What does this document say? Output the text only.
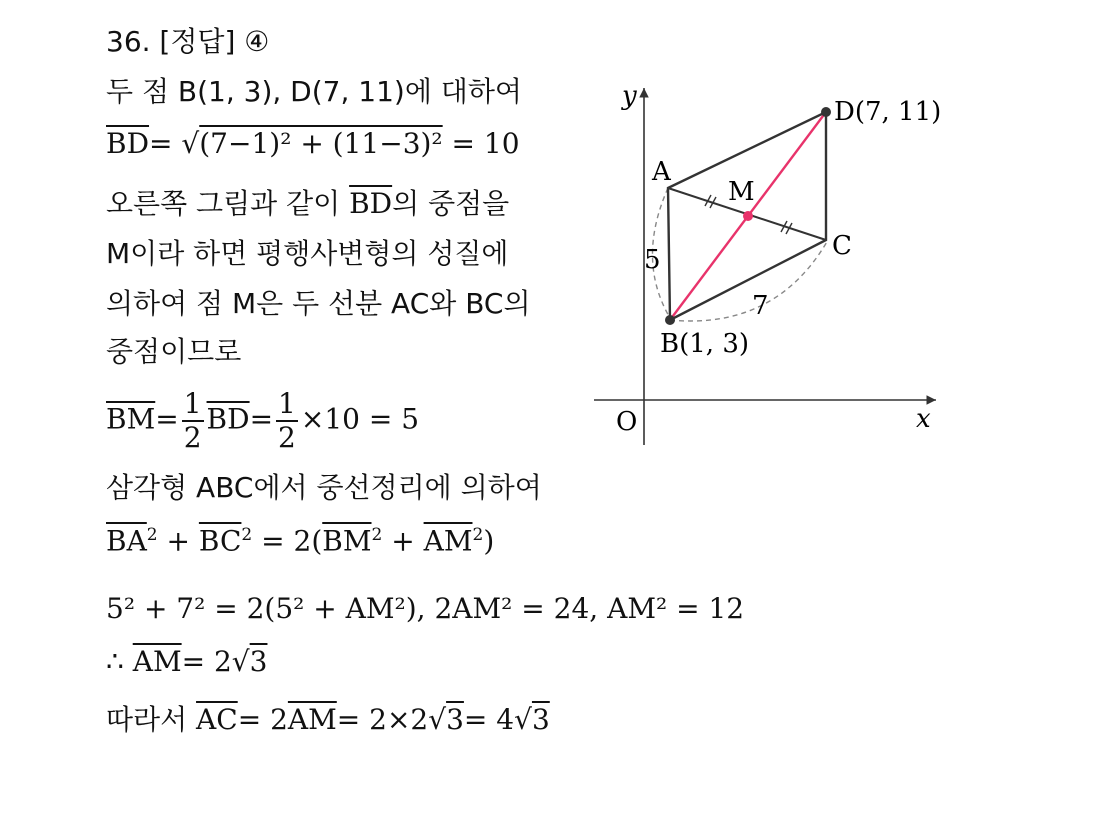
36. [정답] ④
두 점 B(1, 3), D(7, 11)에 대하여
$\overline{BD}= √(7-1)^2 + (11-3)^2 = 10$
오른쪽 그림과 같이 $\overline{BD}$의 중점을
M이라 하면 평행사변형의 성질에
의하여 점 M은 두 선분 AC와 BC의
중점이므로
$\overline{BM}= \frac{1}{2} \overline{BD}= \frac{1}{2} \times 10 = 5$
삼각형 ABC에서 중선정리에 의하여
$\overline{BA}^2 + \overline{BC}^2 = 2(\overline{BM}^2 + \overline{AM}^2)$
5² + 7² = 2(5² + AM²), 2AM² = 24, AM² = 12
∴ $\overline{AM}= 2√3$
따라서 $\overline{AC}= 2\overline{AM}= 2\times 2√3= 4√3$
y
x
O
D(7, 11)
A
M
C
B(1, 3)
5
7
